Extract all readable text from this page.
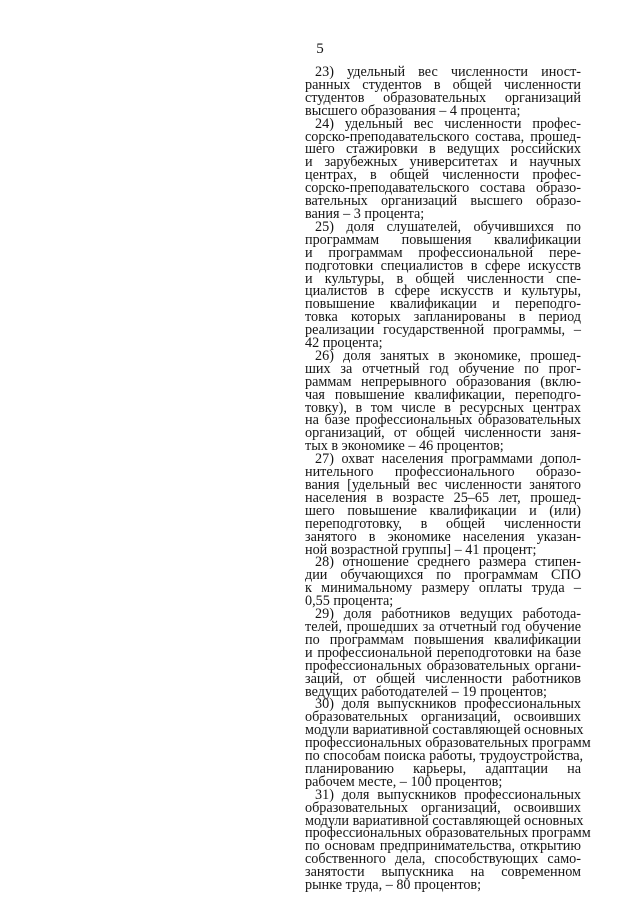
5
23) удельный вес численности иност-
ранных студентов в общей численности
студентов образовательных организаций
высшего образования – 4 процента;
24) удельный вес численности профес-
сорско-преподавательского состава, прошед-
шего стажировки в ведущих российских
и зарубежных университетах и научных
центрах, в общей численности профес-
сорско-преподавательского состава образо-
вательных организаций высшего образо-
вания – 3 процента;
25) доля слушателей, обучившихся по
программам повышения квалификации
и программам профессиональной пере-
подготовки специалистов в сфере искусств
и культуры, в общей численности спе-
циалистов в сфере искусств и культуры,
повышение квалификации и переподго-
товка которых запланированы в период
реализации государственной программы, –
42 процента;
26) доля занятых в экономике, прошед-
ших за отчетный год обучение по прог-
раммам непрерывного образования (вклю-
чая повышение квалификации, переподго-
товку), в том числе в ресурсных центрах
на базе профессиональных образовательных
организаций, от общей численности заня-
тых в экономике – 46 процентов;
27) охват населения программами допол-
нительного профессионального образо-
вания [удельный вес численности занятого
населения в возрасте 25–65 лет, прошед-
шего повышение квалификации и (или)
переподготовку, в общей численности
занятого в экономике населения указан-
ной возрастной группы] – 41 процент;
28) отношение среднего размера стипен-
дии обучающихся по программам СПО
к минимальному размеру оплаты труда –
0,55 процента;
29) доля работников ведущих работода-
телей, прошедших за отчетный год обучение
по программам повышения квалификации
и профессиональной переподготовки на базе
профессиональных образовательных органи-
заций, от общей численности работников
ведущих работодателей – 19 процентов;
30) доля выпускников профессиональных
образовательных организаций, освоивших
модули вариативной составляющей основных
профессиональных образовательных программ
по способам поиска работы, трудоустройства,
планированию карьеры, адаптации на
рабочем месте, – 100 процентов;
31) доля выпускников профессиональных
образовательных организаций, освоивших
модули вариативной составляющей основных
профессиональных образовательных программ
по основам предпринимательства, открытию
собственного дела, способствующих само-
занятости выпускника на современном
рынке труда, – 80 процентов;
